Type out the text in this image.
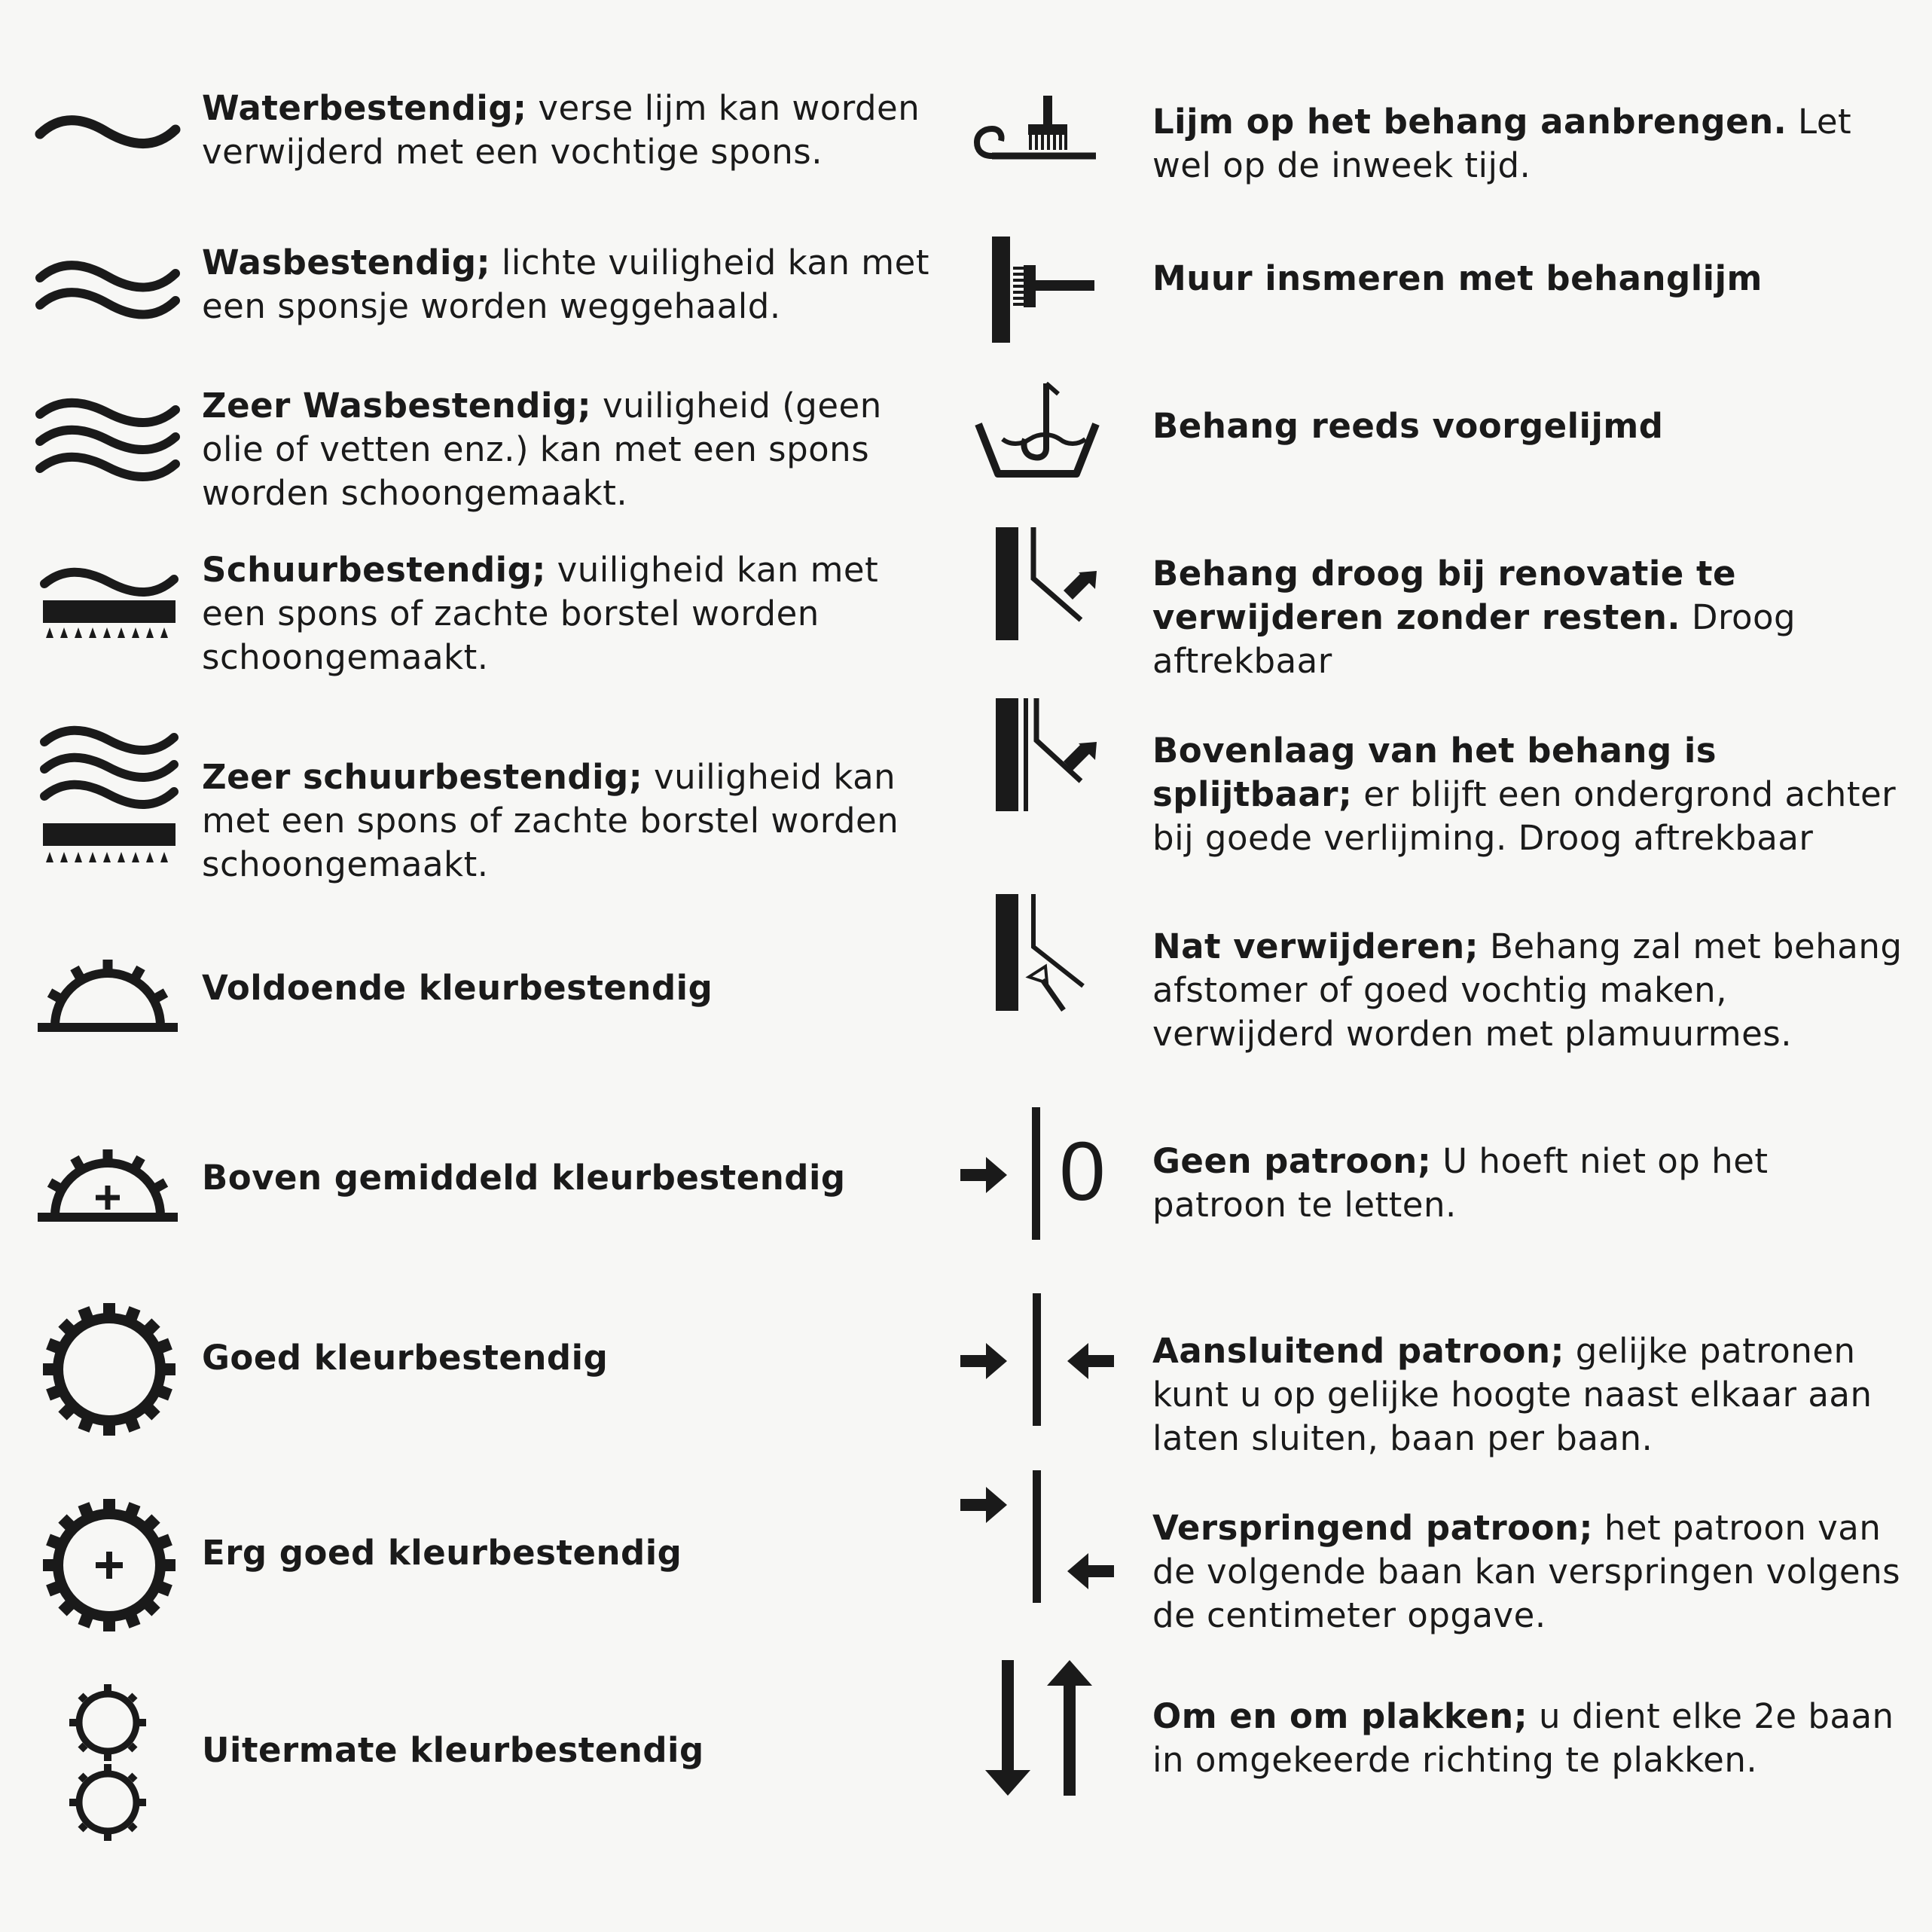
Waterbestendig; verse lijm kan worden verwijderd met een vochtige spons.

Wasbestendig; lichte vuiligheid kan met een sponsje worden weggehaald.

Zeer Wasbestendig; vuiligheid (geen olie of vetten enz.) kan met een spons worden schoongemaakt.

Schuurbestendig; vuiligheid kan met een spons of zachte borstel worden schoongemaakt.

Zeer schuurbestendig; vuiligheid kan met een spons of zachte borstel worden schoongemaakt.

Voldoende kleurbestendig

Boven gemiddeld kleurbestendig

Goed kleurbestendig

Erg goed kleurbestendig

Uitermate kleurbestendig

Lijm op het behang aanbrengen. Let wel op de inweek tijd.

Muur insmeren met behanglijm

Behang reeds voorgelijmd

Behang droog bij renovatie te verwijderen zonder resten. Droog aftrekbaar

Bovenlaag van het behang is splijtbaar; er blijft een ondergrond achter bij goede verlijming. Droog aftrekbaar

Nat verwijderen; Behang zal met behang afstomer of goed vochtig maken, verwijderd worden met plamuurmes.

0 Geen patroon; U hoeft niet op het patroon te letten.

Aansluitend patroon; gelijke patronen kunt u op gelijke hoogte naast elkaar aan laten sluiten, baan per baan.

Verspringend patroon; het patroon van de volgende baan kan verspringen volgens de centimeter opgave.

Om en om plakken; u dient elke 2e baan in omgekeerde richting te plakken.
